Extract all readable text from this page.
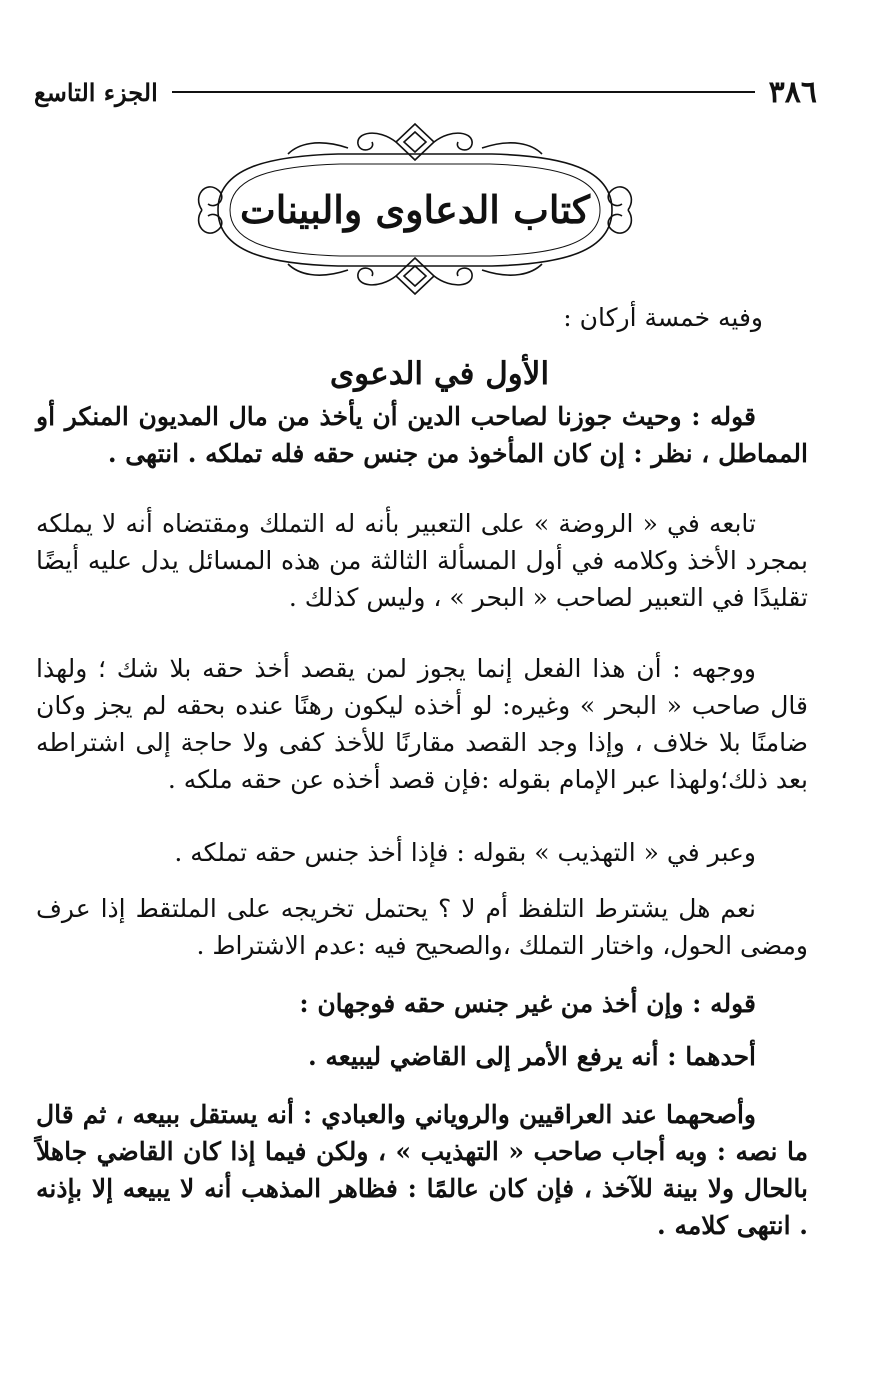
٣٨٦
الجزء التاسع
كتاب الدعاوى والبينات
وفيه خمسة أركان :
الأول في الدعوى

قوله : وحيث جوزنا لصاحب الدين أن يأخذ من مال المديون المنكر أو المماطل ، نظر : إن كان المأخوذ من جنس حقه فله تملكه . انتهى .

تابعه في « الروضة » على التعبير بأنه له التملك ومقتضاه أنه لا يملكه بمجرد الأخذ وكلامه في أول المسألة الثالثة من هذه المسائل يدل عليه أيضًا تقليدًا في التعبير لصاحب « البحر » ، وليس كذلك .

ووجهه : أن هذا الفعل إنما يجوز لمن يقصد أخذ حقه بلا شك ؛ ولهذا قال صاحب « البحر » وغيره: لو أخذه ليكون رهنًا عنده بحقه لم يجز وكان ضامنًا بلا خلاف ، وإذا وجد القصد مقارنًا للأخذ كفى ولا حاجة إلى اشتراطه بعد ذلك؛ولهذا عبر الإمام بقوله :فإن قصد أخذه عن حقه ملكه .

وعبر في « التهذيب » بقوله : فإذا أخذ جنس حقه تملكه .

نعم هل يشترط التلفظ أم لا ؟ يحتمل تخريجه على الملتقط إذا عرف ومضى الحول، واختار التملك ،والصحيح فيه :عدم الاشتراط .

قوله : وإن أخذ من غير جنس حقه فوجهان :

أحدهما : أنه يرفع الأمر إلى القاضي ليبيعه .

وأصحهما عند العراقيين والروياني والعبادي : أنه يستقل ببيعه ، ثم قال ما نصه : وبه أجاب صاحب « التهذيب » ، ولكن فيما إذا كان القاضي جاهلاً بالحال ولا بينة للآخذ ، فإن كان عالمًا : فظاهر المذهب أنه لا يبيعه إلا بإذنه . انتهى كلامه .
